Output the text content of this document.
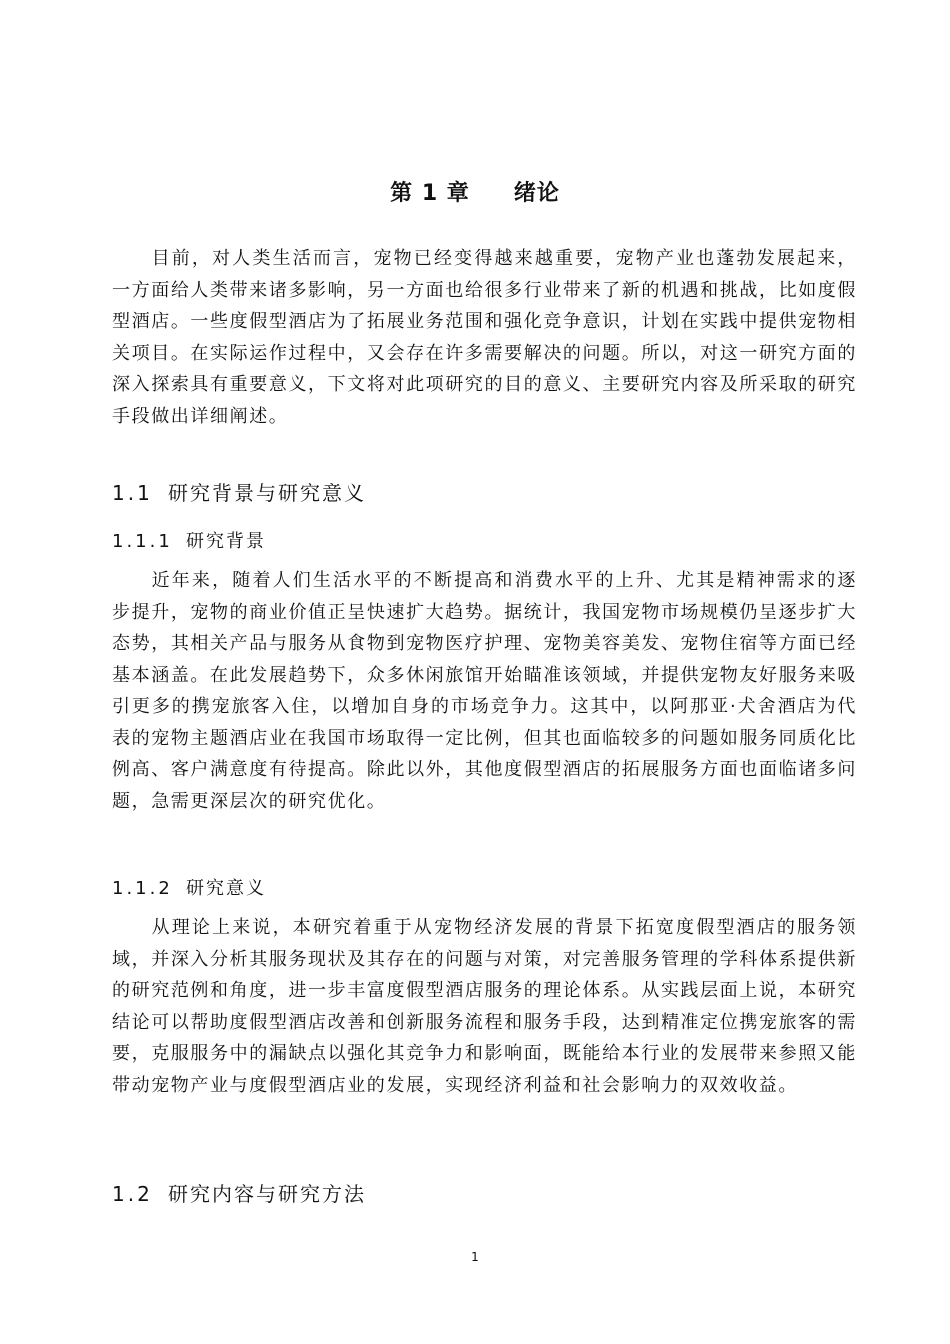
第 1 章 绪论

目前，对人类生活而言，宠物已经变得越来越重要，宠物产业也蓬勃发展起来，一方面给人类带来诸多影响，另一方面也给很多行业带来了新的机遇和挑战，比如度假型酒店。一些度假型酒店为了拓展业务范围和强化竞争意识，计划在实践中提供宠物相关项目。在实际运作过程中，又会存在许多需要解决的问题。所以，对这一研究方面的深入探索具有重要意义，下文将对此项研究的目的意义、主要研究内容及所采取的研究手段做出详细阐述。

1.1 研究背景与研究意义
1.1.1 研究背景

近年来，随着人们生活水平的不断提高和消费水平的上升、尤其是精神需求的逐步提升，宠物的商业价值正呈快速扩大趋势。据统计，我国宠物市场规模仍呈逐步扩大态势，其相关产品与服务从食物到宠物医疗护理、宠物美容美发、宠物住宿等方面已经基本涵盖。在此发展趋势下，众多休闲旅馆开始瞄准该领域，并提供宠物友好服务来吸引更多的携宠旅客入住，以增加自身的市场竞争力。这其中，以阿那亚·犬舍酒店为代表的宠物主题酒店业在我国市场取得一定比例，但其也面临较多的问题如服务同质化比例高、客户满意度有待提高。除此以外，其他度假型酒店的拓展服务方面也面临诸多问题，急需更深层次的研究优化。

1.1.2 研究意义

从理论上来说，本研究着重于从宠物经济发展的背景下拓宽度假型酒店的服务领域，并深入分析其服务现状及其存在的问题与对策，对完善服务管理的学科体系提供新的研究范例和角度，进一步丰富度假型酒店服务的理论体系。从实践层面上说，本研究结论可以帮助度假型酒店改善和创新服务流程和服务手段，达到精准定位携宠旅客的需要，克服服务中的漏缺点以强化其竞争力和影响面，既能给本行业的发展带来参照又能带动宠物产业与度假型酒店业的发展，实现经济利益和社会影响力的双效收益。

1.2 研究内容与研究方法
1
